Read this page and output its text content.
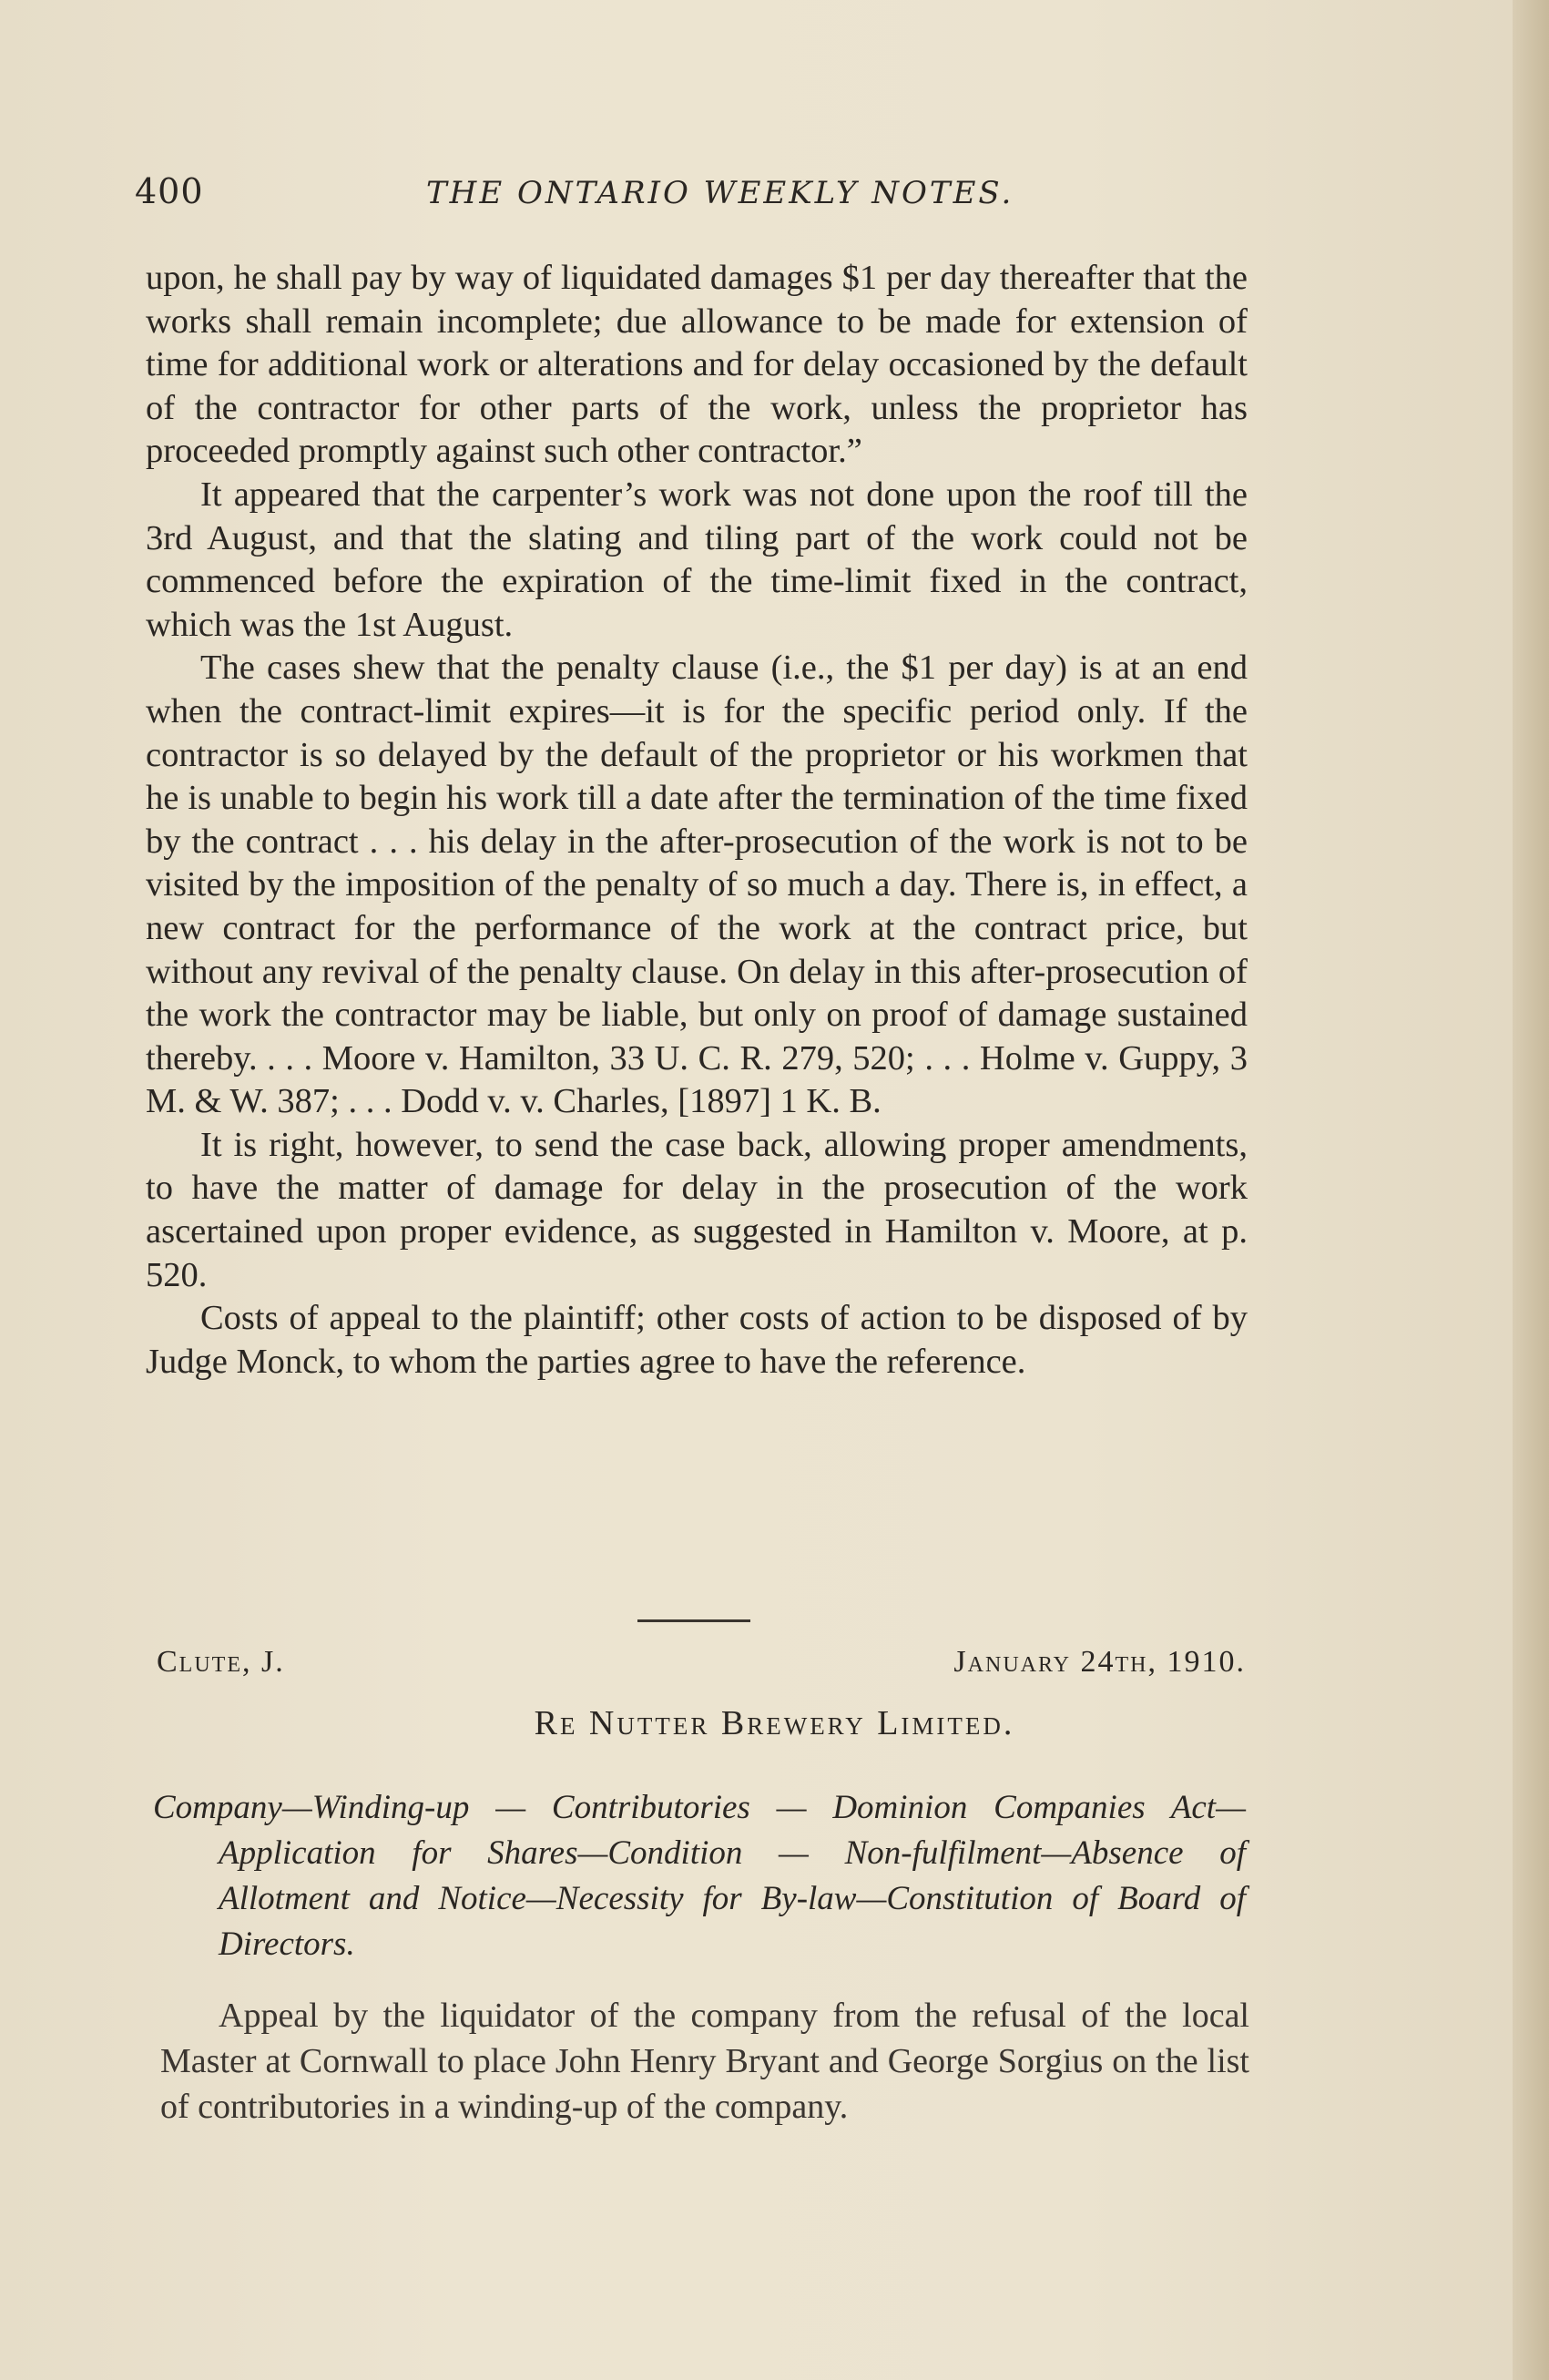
400	THE ONTARIO WEEKLY NOTES.

upon, he shall pay by way of liquidated damages $1 per day thereafter that the works shall remain incomplete; due allowance to be made for extension of time for additional work or alterations and for delay occasioned by the default of the contractor for other parts of the work, unless the proprietor has proceeded promptly against such other contractor.”

It appeared that the carpenter’s work was not done upon the roof till the 3rd August, and that the slating and tiling part of the work could not be commenced before the expiration of the time-limit fixed in the contract, which was the 1st August.

The cases shew that the penalty clause (i.e., the $1 per day) is at an end when the contract-limit expires—it is for the specific period only. If the contractor is so delayed by the default of the proprietor or his workmen that he is unable to begin his work till a date after the termination of the time fixed by the contract . . . his delay in the after-prosecution of the work is not to be visited by the imposition of the penalty of so much a day. There is, in effect, a new contract for the performance of the work at the contract price, but without any revival of the penalty clause. On delay in this after-prosecution of the work the contractor may be liable, but only on proof of damage sustained thereby. . . . Moore v. Hamilton, 33 U. C. R. 279, 520; . . . Holme v. Guppy, 3 M. & W. 387; . . . Dodd v. v. Charles, [1897] 1 K. B.

It is right, however, to send the case back, allowing proper amendments, to have the matter of damage for delay in the prosecution of the work ascertained upon proper evidence, as suggested in Hamilton v. Moore, at p. 520.

Costs of appeal to the plaintiff; other costs of action to be disposed of by Judge Monck, to whom the parties agree to have the reference.

Clute, J.	January 24th, 1910.
Re Nutter Brewery Limited.
Company—Winding-up — Contributories — Dominion Companies Act—Application for Shares—Condition — Non-fulfilment—Absence of Allotment and Notice—Necessity for By-law—Constitution of Board of Directors.
Appeal by the liquidator of the company from the refusal of the local Master at Cornwall to place John Henry Bryant and George Sorgius on the list of contributories in a winding-up of the company.
